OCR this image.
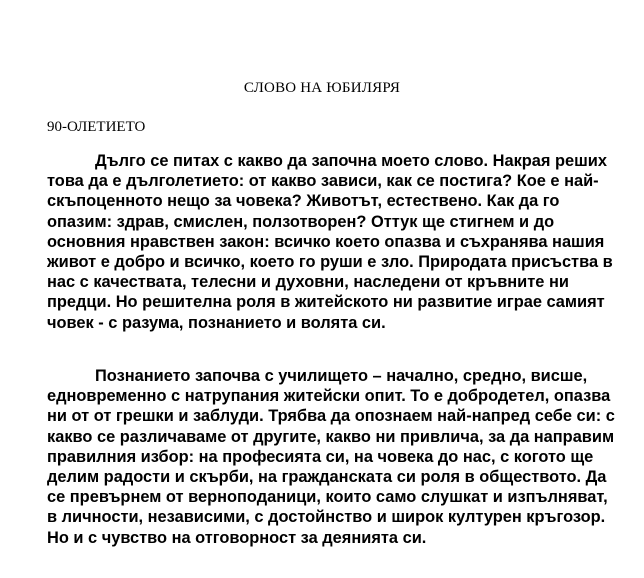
СЛОВО НА ЮБИЛЯРЯ
90-ОЛЕТИЕТО

Дълго се питах с какво да започна моето слово. Накрая реших това да е дълголетието: от какво зависи, как се постига? Кое е най-скъпоценното нещо за човека? Животът, естествено. Как да го опазим: здрав, смислен, ползотворен? Оттук ще стигнем и до основния нравствен закон: всичко което опазва и съхранява нашия живот е добро и всичко, което го руши е зло. Природата присъства в нас с качествата, телесни и духовни, наследени от кръвните ни предци. Но решителна роля в житейското ни развитие играе самият човек - с разума, познанието и волята си.

Познанието започва с училището – начално, средно, висше, едновременно с натрупания житейски опит. То е добродетел, опазва ни от от грешки и заблуди. Трябва да опознаем най-напред себе си: с какво се различаваме от другите, какво ни привлича, за да направим правилния избор: на професията си, на човека до нас, с когото ще делим радости и скърби, на гражданската си роля в обществото. Да се превърнем от верноподаници, които само слушкат и изпълняват, в личности, независими, с достойнство и широк културен кръгозор. Но и с чувство на отговорност за деянията си.
